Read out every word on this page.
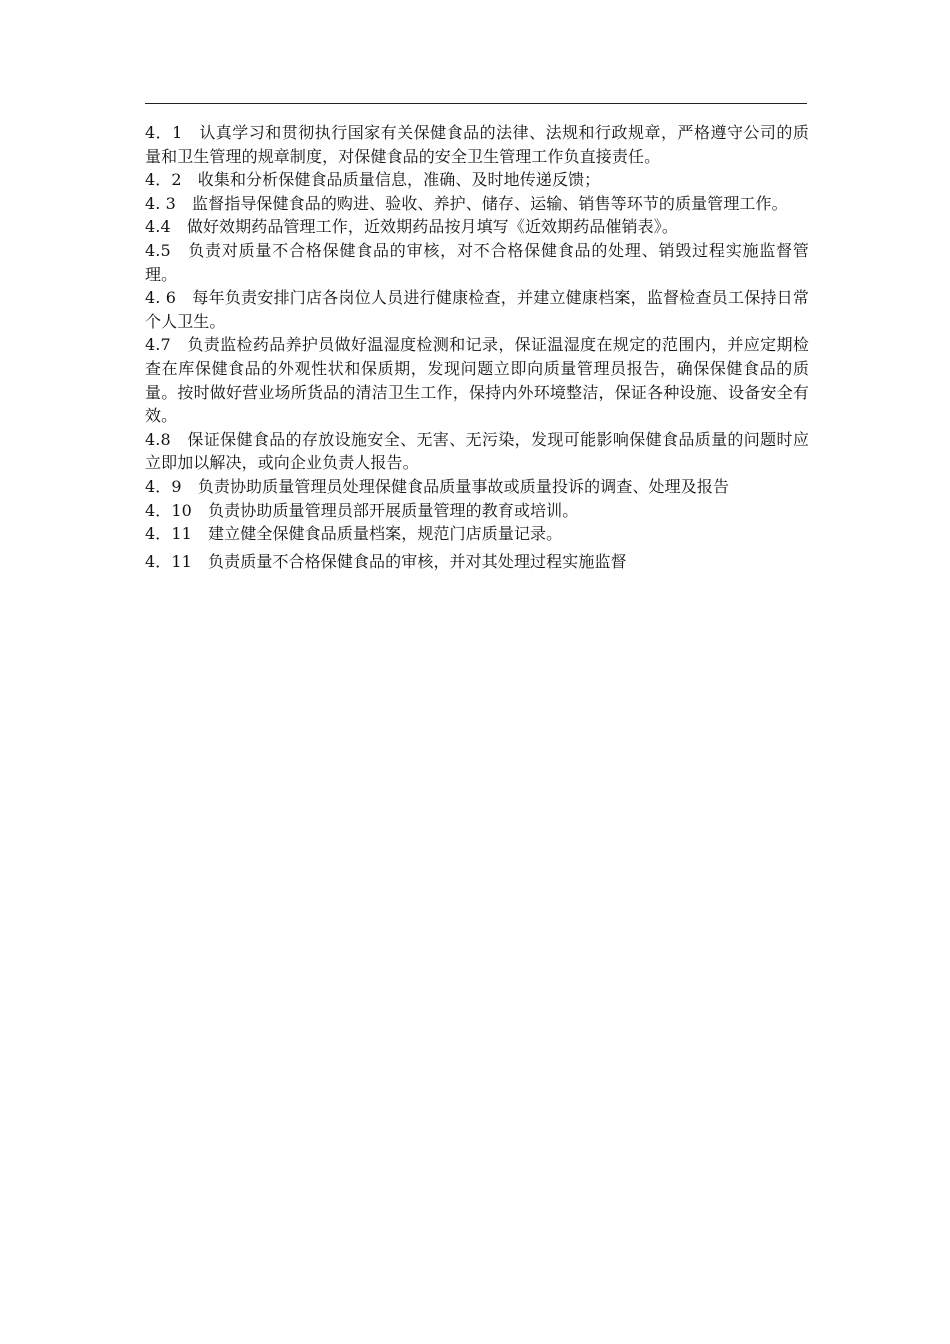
4．1　认真学习和贯彻执行国家有关保健食品的法律、法规和行政规章，严格遵守公司的质量和卫生管理的规章制度，对保健食品的安全卫生管理工作负直接责任。

4．2　收集和分析保健食品质量信息，准确、及时地传递反馈；

4. 3　监督指导保健食品的购进、验收、养护、储存、运输、销售等环节的质量管理工作。

4.4　做好效期药品管理工作，近效期药品按月填写《近效期药品催销表》。

4.5　负责对质量不合格保健食品的审核，对不合格保健食品的处理、销毁过程实施监督管理。

4. 6　每年负责安排门店各岗位人员进行健康检查，并建立健康档案，监督检查员工保持日常个人卫生。

4.7　负责监检药品养护员做好温湿度检测和记录，保证温湿度在规定的范围内，并应定期检查在库保健食品的外观性状和保质期，发现问题立即向质量管理员报告，确保保健食品的质量。按时做好营业场所货品的清洁卫生工作，保持内外环境整洁，保证各种设施、设备安全有效。

4.8　保证保健食品的存放设施安全、无害、无污染，发现可能影响保健食品质量的问题时应立即加以解决，或向企业负责人报告。

4．9　负责协助质量管理员处理保健食品质量事故或质量投诉的调查、处理及报告

4．10　负责协助质量管理员部开展质量管理的教育或培训。

4．11　建立健全保健食品质量档案，规范门店质量记录。

4．11　负责质量不合格保健食品的审核，并对其处理过程实施监督
